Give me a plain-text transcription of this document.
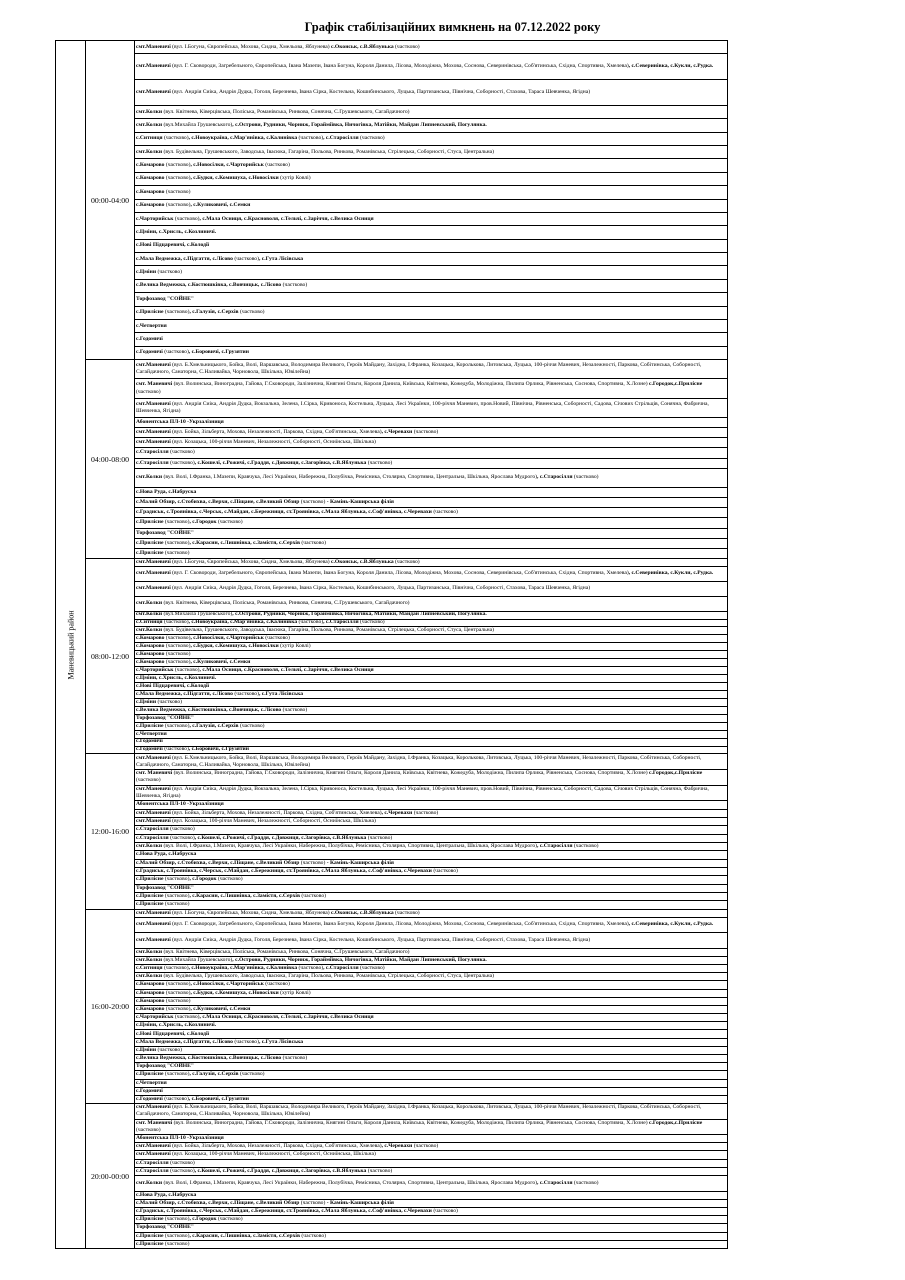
Графік стабілізаційних вимкнень на 07.12.2022 року
Маневицький район
00:00-04:00
смт.Маневичі (вул. І.Богуна, Європейська, Мохова, Сидна, Хмельова, Яблунева) с.Оконськ, с.В.Яблунька (частково)
смт.Маневичі (вул. Г. Сковороди, Загребельного, Європейська, Івана Мазепи, Івана Богуна, Короля Данила, Лісова, Молодіжна, Мохова, Соснова, Северинівська, Соб'ятинська, Східна, Спортивна, Хмелева), с.Северинівка, с.Кукли, с.Рудка.
смт.Маневичі (вул. Андрія Сиіка, Андрія Дудка, Гоголя, Березнева, Івана Сірка, Костельна, Кошибинського, Луцька, Партизанська, Північна, Соборності, Стахова, Тараса Шевченка, Ягідна)
смт.Колки (вул. Квітнева, Ківерцівська, Поліська, Романівська, Ринкова, Сонячна, С.Грушевського, Сагайдачного)
смт.Колки (вул.Михайла Грушевського), с.Острови, Рудники, Чорниж, Горайміївка, Ничогівка, Матійки, Майдан Липневський, Погулянка.
с.Ситниця (частково), с.Новоукраїна, с.Мар'янівка, с.Калинівка (частково), с.Старосілля (частково)
смт.Колки (вул. Будівельна, Грушевського, Заводська, Івасюка, Гагаріна, Польова, Ринкова, Романівська, Стрілецька, Соборності, Стуса, Центральна)
с.Комарово (частково), с.Новосілки, с.Чарторийськ (частково)
с.Комарово (частково), с.Будки, с.Комишуха, с.Новосілки (хутір Ковлі)
с.Комарово (частково)
с.Комарово (частково), с.Куликовичі, с.Семки
с.Чарторийськ (частково), с.Мала Осниця, с.Красноволя, с.Тельчі, с.Заріччя, с.Велика Осниця
с.Цміни, с.Хрисль, с.Козлиничі.
с.Нові Підцаревичі, с.Колодії
с.Мала Ведмежка, с.Підгаття, с.Лісово (частково), с.Гута Лісівська
с.Цміни (частково)
с.Велика Ведмежка, с.Костюшківка, с.Вовчицьк, с.Лісово (частково)
Торфозавод "СОЙНЕ"
с.Прилісне (частково), с.Галузія, с.Серхів (частково)
с.Четвертня
с.Годомичі
с.Годомичі (частково), с.Боровичі, с.Грузятин
04:00-08:00
смт.Маневичі (вул. Б.Хмельницького, Бойка, Волі, Варшавська, Володимира Великого, Героїв Майдану, Західна, І.Франка, Козацька, Королькова, Литовська, Луцька, 100-річчя Маневич, Незалежності, Паркова, Собітинська, Соборності, Сагайдачного, Санаторна, С.Наливайка, Чорновола, Шкільна, Ювілейна)
смт. Маневичі (вул. Волинська, Виноградна, Гайова, Г.Сковороди, Залізнична, Княгині Ольги, Короля Данила, Київська, Квітнева, Кожедуба, Молодіжна, Пилипа Орлика, Рівненська, Соснова, Спортивна, Х.Лозне) с.Городок,с.Прилісне (частково)
смт.Маневичі (вул. Андрія Сиіка, Андрія Дудка, Вокзальна, Зелена, І.Сірка, Кривоноса, Костельна, Луцька, Лесі Українки, 100-річчя Маневич, пров.Новий, Північна, Рівненська, Соборності, Садова, Січових Стрільців, Сонячна, Фабрична, Шевченка, Ягідна)
Абонентська ПЛ-10 -Укрзалізниця
смт.Маневичі (вул. Бойка, Зільберта, Мохова, Незалежності, Паркова, Східна, Соб'ятинська, Хмелева), с.Черевахи (частково)
смт.Маневичі (вул. Козацька, 100-річчя Маневич, Незалежності, Соборності, Осниїнська, Шкільна)
с.Старосілля (частково)
с.Старосілля (частково), с.Кошелі, с.Рожичі, с.Граддя, с.Довжиця, с.Загорівка, с.В.Яблунька (частково)
смт.Колки (вул. Волі, І.Франка, І.Мазепи, Кравчука, Лесі Українки, Набережна, Полубічка, Ремісника, Столярна, Спортивна, Центральна, Шкільна, Ярослава Мудрого), с.Старосілля (частково)
с.Нова Руда, с.Набруска
с.Малий Обзир, с.Стобихва, с.Верхи, с.Піщане, с.Великий Обзир (частково) - Камінь-Каширська філія
с.Градиськ, с.Троянівка, с.Черськ, с.Майдан, с.Бережниця, ст.Троянівка, с.Мала Яблунька, с.Соф'янівка, с.Черевахи (частково)
с.Прилісне (частково), с.Городок (частково)
Торфозавод "СОЙНЕ"
с.Прилісне (частково), с.Карасин, с.Лишнівка, с.Замістя, с.Серхів (частково)
с.Прилісне (частково)
08:00-12:00
смт.Маневичі (вул. І.Богуна, Європейська, Мохова, Сидна, Хмельова, Яблунева) с.Оконськ, с.В.Яблунька (частково)
смт.Маневичі (вул. Г. Сковороди, Загребельного, Європейська, Івана Мазепи, Івана Богуна, Короля Данила, Лісова, Молодіжна, Мохова, Соснова, Северинівська, Соб'ятинська, Східна, Спортивна, Хмелева), с.Северинівка, с.Кукли, с.Рудка.
смт.Маневичі (вул. Андрія Сиіка, Андрія Дудка, Гоголя, Березнева, Івана Сірка, Костельна, Кошибинського, Луцька, Партизанська, Північна, Соборності, Стахова, Тараса Шевченка, Ягідна)
смт.Колки (вул. Квітнева, Ківерцівська, Поліська, Романівська, Ринкова, Сонячна, С.Грушевського, Сагайдачного)
смт.Колки (вул.Михайла Грушевського), с.Острови, Рудники, Чорниж, Горайміївка, Ничогівка, Матійки, Майдан Липневський, Погулянка.
с.Ситниця (частково), с.Новоукраїна, с.Мар'янівка, с.Калинівка (частково), с.Старосілля (частково)
смт.Колки (вул. Будівельна, Грушевського, Заводська, Івасюка, Гагаріна, Польова, Ринкова, Романівська, Стрілецька, Соборності, Стуса, Центральна)
с.Комарово (частково), с.Новосілки, с.Чарторийськ (частково)
с.Комарово (частково), с.Будки, с.Комишуха, с.Новосілки (хутір Ковлі)
с.Комарово (частково)
с.Комарово (частково), с.Куликовичі, с.Семки
с.Чарторийськ (частково), с.Мала Осниця, с.Красноволя, с.Тельчі, с.Заріччя, с.Велика Осниця
с.Цміни, с.Хрисль, с.Козлиничі.
с.Нові Підцаревичі, с.Колодії
с.Мала Ведмежка, с.Підгаття, с.Лісово (частково), с.Гута Лісівська
с.Цміни (частково)
с.Велика Ведмежка, с.Костюшківка, с.Вовчицьк, с.Лісово (частково)
Торфозавод "СОЙНЕ"
с.Прилісне (частково), с.Галузія, с.Серхів (частково)
с.Четвертня
с.Годомичі
с.Годомичі (частково), с.Боровичі, с.Грузятин
12:00-16:00
смт.Маневичі (вул. Б.Хмельницького, Бойка, Волі, Варшавська, Володимира Великого, Героїв Майдану, Західна, І.Франка, Козацька, Королькова, Литовська, Луцька, 100-річчя Маневич, Незалежності, Паркова, Собітинська, Соборності, Сагайдачного, Санаторна, С.Наливайка, Чорновола, Шкільна, Ювілейна)
смт. Маневичі (вул. Волинська, Виноградна, Гайова, Г.Сковороди, Залізнична, Княгині Ольги, Короля Данила, Київська, Квітнева, Кожедуба, Молодіжна, Пилипа Орлика, Рівненська, Соснова, Спортивна, Х.Лозне) с.Городок,с.Прилісне (частково)
смт.Маневичі (вул. Андрія Сиіка, Андрія Дудка, Вокзальна, Зелена, І.Сірка, Кривоноса, Костельна, Луцька, Лесі Українки, 100-річчя Маневич, пров.Новий, Північна, Рівненська, Соборності, Садова, Січових Стрільців, Сонячна, Фабрична, Шевченка, Ягідна)
Абонентська ПЛ-10 -Укрзалізниця
смт.Маневичі (вул. Бойка, Зільберта, Мохова, Незалежності, Паркова, Східна, Соб'ятинська, Хмелева), с.Черевахи (частково)
смт.Маневичі (вул. Козацька, 100-річчя Маневич, Незалежності, Соборності, Осниїнська, Шкільна)
с.Старосілля (частково)
с.Старосілля (частково), с.Кошелі, с.Рожичі, с.Граддя, с.Довжиця, с.Загорівка, с.В.Яблунька (частково)
смт.Колки (вул. Волі, І.Франка, І.Мазепи, Кравчука, Лесі Українки, Набережна, Полубічка, Ремісника, Столярна, Спортивна, Центральна, Шкільна, Ярослава Мудрого), с.Старосілля (частково)
с.Нова Руда, с.Набруска
с.Малий Обзир, с.Стобихва, с.Верхи, с.Піщане, с.Великий Обзир (частково) - Камінь-Каширська філія
с.Градиськ, с.Троянівка, с.Черськ, с.Майдан, с.Бережниця, ст.Троянівка, с.Мала Яблунька, с.Соф'янівка, с.Черевахи (частково)
с.Прилісне (частково), с.Городок (частково)
Торфозавод "СОЙНЕ"
с.Прилісне (частково), с.Карасин, с.Лишнівка, с.Замістя, с.Серхів (частково)
с.Прилісне (частково)
16:00-20:00
смт.Маневичі (вул. І.Богуна, Європейська, Мохова, Сидна, Хмельова, Яблунева) с.Оконськ, с.В.Яблунька (частково)
смт.Маневичі (вул. Г. Сковороди, Загребельного, Європейська, Івана Мазепи, Івана Богуна, Короля Данила, Лісова, Молодіжна, Мохова, Соснова, Северинівська, Соб'ятинська, Східна, Спортивна, Хмелева), с.Северинівка, с.Кукли, с.Рудка.
смт.Маневичі (вул. Андрія Сиіка, Андрія Дудка, Гоголя, Березнева, Івана Сірка, Костельна, Кошибинського, Луцька, Партизанська, Північна, Соборності, Стахова, Тараса Шевченка, Ягідна)
смт.Колки (вул. Квітнева, Ківерцівська, Поліська, Романівська, Ринкова, Сонячна, С.Грушевського, Сагайдачного)
смт.Колки (вул.Михайла Грушевського), с.Острови, Рудники, Чорниж, Горайміївка, Ничогівка, Матійки, Майдан Липневський, Погулянка.
с.Ситниця (частково), с.Новоукраїна, с.Мар'янівка, с.Калинівка (частково), с.Старосілля (частково)
смт.Колки (вул. Будівельна, Грушевського, Заводська, Івасюка, Гагаріна, Польова, Ринкова, Романівська, Стрілецька, Соборності, Стуса, Центральна)
с.Комарово (частково), с.Новосілки, с.Чарторийськ (частково)
с.Комарово (частково), с.Будки, с.Комишуха, с.Новосілки (хутір Ковлі)
с.Комарово (частково)
с.Комарово (частково), с.Куликовичі, с.Семки
с.Чарторийськ (частково), с.Мала Осниця, с.Красноволя, с.Тельчі, с.Заріччя, с.Велика Осниця
с.Цміни, с.Хрисль, с.Козлиничі.
с.Нові Підцаревичі, с.Колодії
с.Мала Ведмежка, с.Підгаття, с.Лісово (частково), с.Гута Лісівська
с.Цміни (частково)
с.Велика Ведмежка, с.Костюшківка, с.Вовчицьк, с.Лісово (частково)
Торфозавод "СОЙНЕ"
с.Прилісне (частково), с.Галузія, с.Серхів (частково)
с.Четвертня
с.Годомичі
с.Годомичі (частково), с.Боровичі, с.Грузятин
20:00-00:00
смт.Маневичі (вул. Б.Хмельницького, Бойка, Волі, Варшавська, Володимира Великого, Героїв Майдану, Західна, І.Франка, Козацька, Королькова, Литовська, Луцька, 100-річчя Маневич, Незалежності, Паркова, Собітинська, Соборності, Сагайдачного, Санаторна, С.Наливайка, Чорновола, Шкільна, Ювілейна)
смт. Маневичі (вул. Волинська, Виноградна, Гайова, Г.Сковороди, Залізнична, Княгині Ольги, Короля Данила, Київська, Квітнева, Кожедуба, Молодіжна, Пилипа Орлика, Рівненська, Соснова, Спортивна, Х.Лозне) с.Городок,с.Прилісне (частково)
Абонентська ПЛ-10 -Укрзалізниця
смт.Маневичі (вул. Бойка, Зільберта, Мохова, Незалежності, Паркова, Східна, Соб'ятинська, Хмелева), с.Черевахи (частково)
смт.Маневичі (вул. Козацька, 100-річчя Маневич, Незалежності, Соборності, Осниїнська, Шкільна)
с.Старосілля (частково)
с.Старосілля (частково), с.Кошелі, с.Рожичі, с.Граддя, с.Довжиця, с.Загорівка, с.В.Яблунька (частково)
смт.Колки (вул. Волі, І.Франка, І.Мазепи, Кравчука, Лесі Українки, Набережна, Полубічка, Ремісника, Столярна, Спортивна, Центральна, Шкільна, Ярослава Мудрого), с.Старосілля (частково)
с.Нова Руда, с.Набруска
с.Малий Обзир, с.Стобихва, с.Верхи, с.Піщане, с.Великий Обзир (частково) - Камінь-Каширська філія
с.Градиськ, с.Троянівка, с.Черськ, с.Майдан, с.Бережниця, ст.Троянівка, с.Мала Яблунька, с.Соф'янівка, с.Черевахи (частково)
с.Прилісне (частково), с.Городок (частково)
Торфозавод "СОЙНЕ"
с.Прилісне (частково), с.Карасин, с.Лишнівка, с.Замістя, с.Серхів (частково)
с.Прилісне (частково)
